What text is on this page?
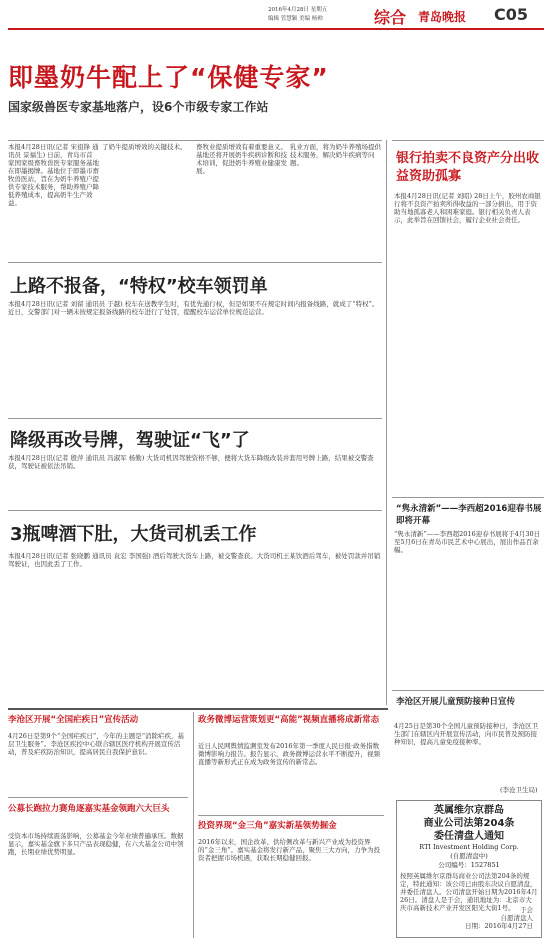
2016年4月28日 星期五
编辑 管慧颖 美编 杨帅	综合 青岛晚报 C05
即墨奶牛配上了“保健专家”
国家级兽医专家基地落户，设6个市级专家工作站
本报4月28日讯(记者 宋祖锋 通讯员 景福生) 日前，青岛市首家国家级畜牧兽医专家服务基地在即墨揭牌。基地位于即墨市畜牧兽医站，旨在为奶牛养殖户提供专家技术服务，帮助养殖户降低养殖成本，提高奶牛生产效益。
了奶牛提质增效的关键技术。	畜牧业提质增效有着重要意义。基地还将开展奶牛疾病诊断和技术培训，促进奶牛养殖业健康发展。
乳业方面，将为奶牛养殖场提供技术服务，解决奶牛疾病等问题。
上路不报备，“特权”校车领罚单
本报4月28日讯(记者 刘留 通讯员 于越) 校车在送教学生时，有优先通行权，但是如果不在规定时间内报备线路，就成了“特权”。近日，交警部门对一辆未按规定报备线路的校车进行了处罚，提醒校车运营单位规范运营。
降级再改号牌，驾驶证“飞”了
本报4月28日讯(记者 殷萍 通讯员 冯淑军 杨勤) 大货司机因驾驶资格不够，便将大货车降级改装并套用号牌上路，结果被交警查获，驾驶证被依法吊销。
3瓶啤酒下肚，大货司机丢工作
本报4月28日讯(记者 张晓鹏 通讯员 袁宏 李国强) 酒后驾驶大货车上路，被交警查获。大货司机王某饮酒后驾车，被处罚款并吊销驾驶证，也因此丢了工作。
银行拍卖不良资产分出收益资助孤寡
本报4月28日讯(记者 刘昭) 28日上午，胶州农商银行将不良资产拍卖所得收益的一部分捐出，用于资助当地孤寡老人和困难家庭。银行相关负责人表示，此举旨在回馈社会，履行企业社会责任。
“隽永清新”——李西超2016迎春书展即将开幕
“隽永清新”——李西超2016迎春书展将于4月30日至5月6日在青岛市民艺术中心展出，展出作品百余幅。
李沧区开展儿童预防接种日宣传
4月25日是第30个全国儿童预防接种日，李沧区卫生部门在辖区内开展宣传活动，向市民普及预防接种知识，提高儿童免疫接种率。
(李沧卫生局)
英属维尔京群岛
商业公司法第204条
委任清盘人通知
RTI Investment Holding Corp.
(自愿清盘中)
公司编号：1527851
按照英属维尔京群岛商业公司法第204条的规定，特此通知：该公司已由股东决议自愿清盘，并委任清盘人。公司清盘开始日期为2016年4月26日。清盘人是于会，通讯地址为：北京市大庆市高新技术产业开发区阳光大街1号。 于会
自愿清盘人
日期：2016年4月27日
李沧区开展“全国疟疾日”宣传活动
4月26日是第9个“全国疟疾日”，今年的主题是“消除疟疾，基层卫生服务”。李沧区疾控中心联合辖区医疗机构开展宣传活动，普及疟疾防治知识，提高居民自我保护意识。
公募长跑拉力赛角逐嘉实基金领跑六大巨头
受资本市场持续震荡影响，公募基金今年业绩普遍承压。数据显示，嘉实基金旗下多只产品表现稳健，在六大基金公司中领跑，长期业绩优势明显。
政务微博运营策划更“高能”视频直播将成新常态
近日人民网舆情监测室发布2016年第一季度人民日报·政务指数微博影响力报告。报告显示，政务微博运营水平不断提升，视频直播等新形式正在成为政务宣传的新常态。
投资界现“金三角”嘉实新基领势掘金
2016年以来，国企改革、供给侧改革与新兴产业成为投资界的“金三角”。嘉实基金将发行新产品，聚焦三大方向，力争为投资者把握市场机遇，获取长期稳健回报。
